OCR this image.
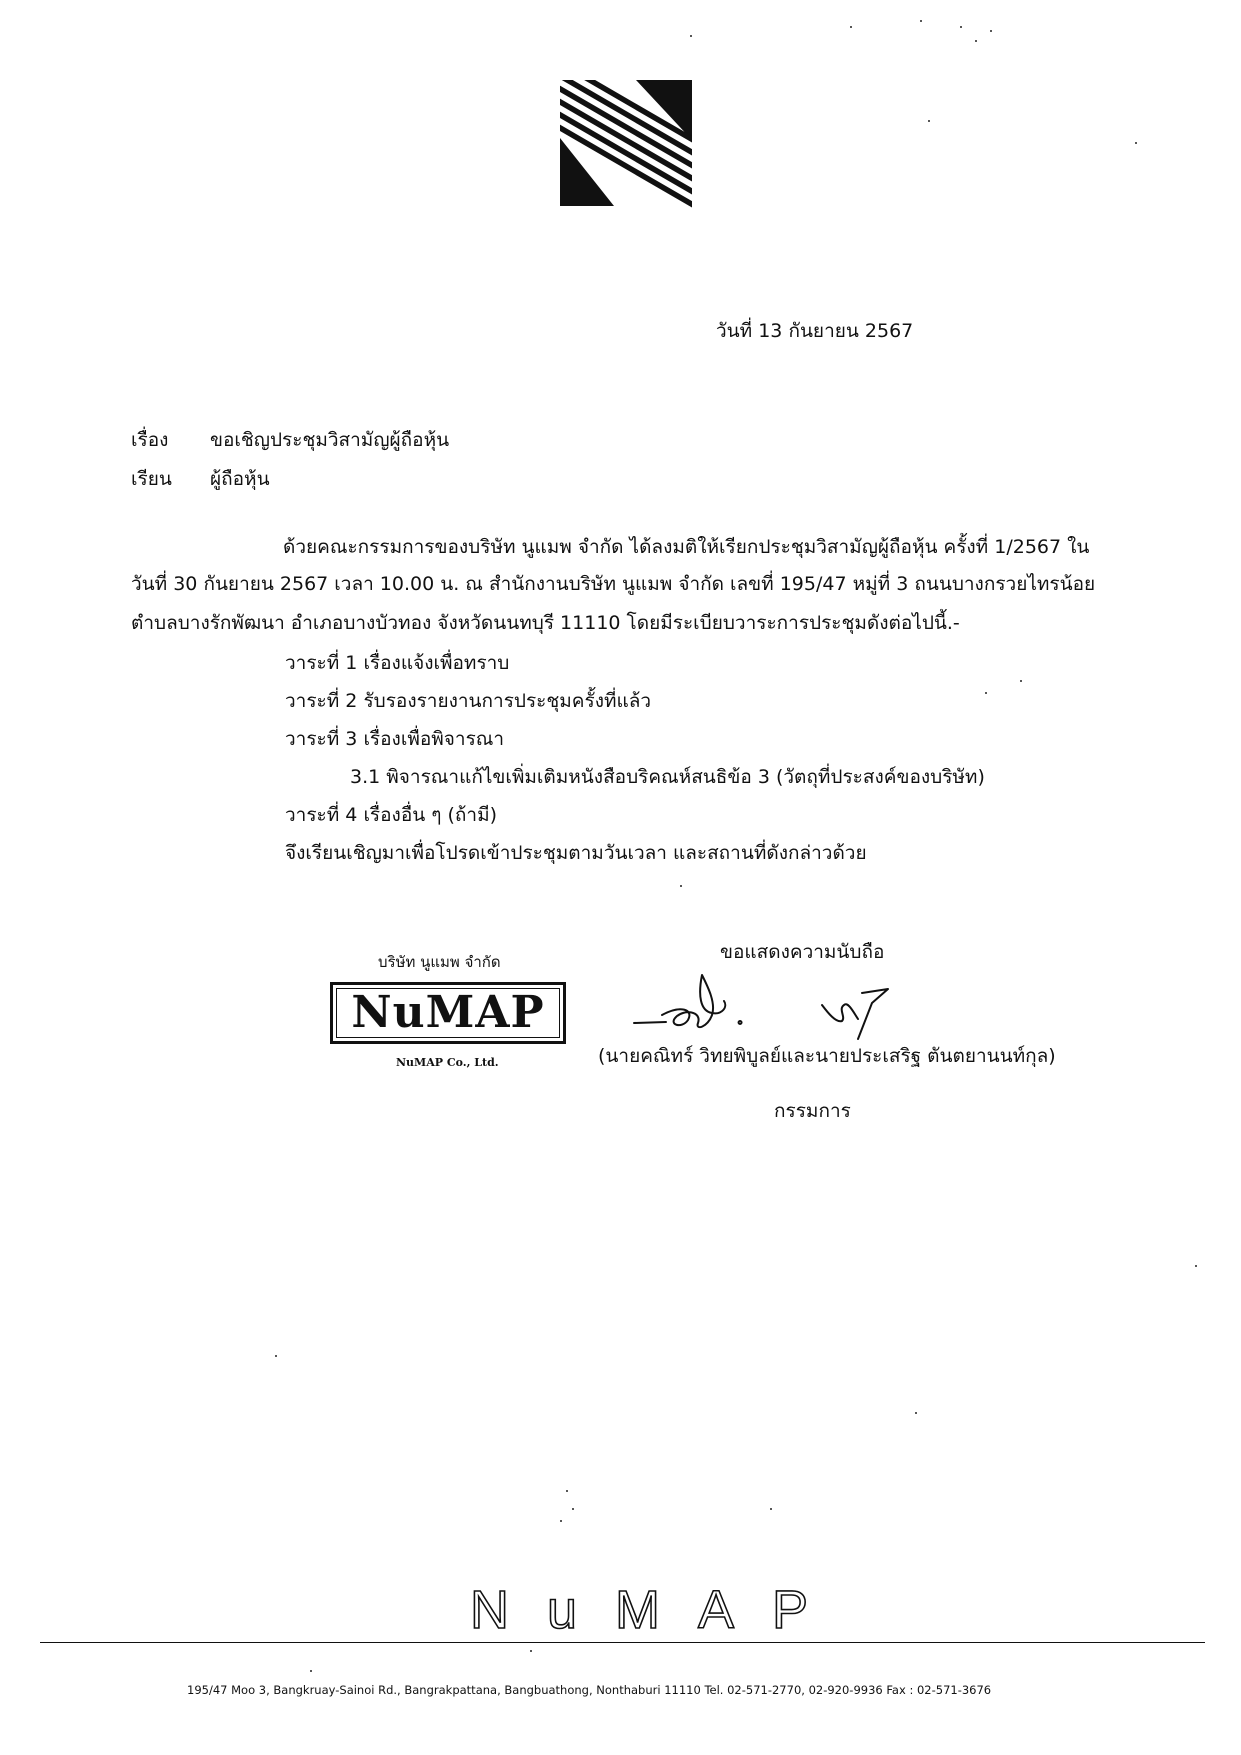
วันที่ 13 กันยายน 2567
เรื่อง ขอเชิญประชุมวิสามัญผู้ถือหุ้น
เรียน ผู้ถือหุ้น
ด้วยคณะกรรมการของบริษัท นูแมพ จำกัด ได้ลงมติให้เรียกประชุมวิสามัญผู้ถือหุ้น ครั้งที่ 1/2567 ใน
วันที่ 30 กันยายน 2567 เวลา 10.00 น. ณ สำนักงานบริษัท นูแมพ จำกัด เลขที่ 195/47 หมู่ที่ 3 ถนนบางกรวยไทรน้อย
ตำบลบางรักพัฒนา อำเภอบางบัวทอง จังหวัดนนทบุรี 11110 โดยมีระเบียบวาระการประชุมดังต่อไปนี้.-
วาระที่ 1 เรื่องแจ้งเพื่อทราบ
วาระที่ 2 รับรองรายงานการประชุมครั้งที่แล้ว
วาระที่ 3 เรื่องเพื่อพิจารณา
3.1 พิจารณาแก้ไขเพิ่มเติมหนังสือบริคณห์สนธิข้อ 3 (วัตถุที่ประสงค์ของบริษัท)
วาระที่ 4 เรื่องอื่น ๆ (ถ้ามี)
จึงเรียนเชิญมาเพื่อโปรดเข้าประชุมตามวันเวลา และสถานที่ดังกล่าวด้วย
บริษัท นูแมพ จำกัด
NuMAP
NuMAP Co., Ltd.
ขอแสดงความนับถือ
(นายคณิทร์ วิทยพิบูลย์และนายประเสริฐ ตันตยานนท์กุล)
กรรมการ
NuMAP
195/47 Moo 3, Bangkruay-Sainoi Rd., Bangrakpattana, Bangbuathong, Nonthaburi 11110 Tel. 02-571-2770, 02-920-9936 Fax : 02-571-3676
